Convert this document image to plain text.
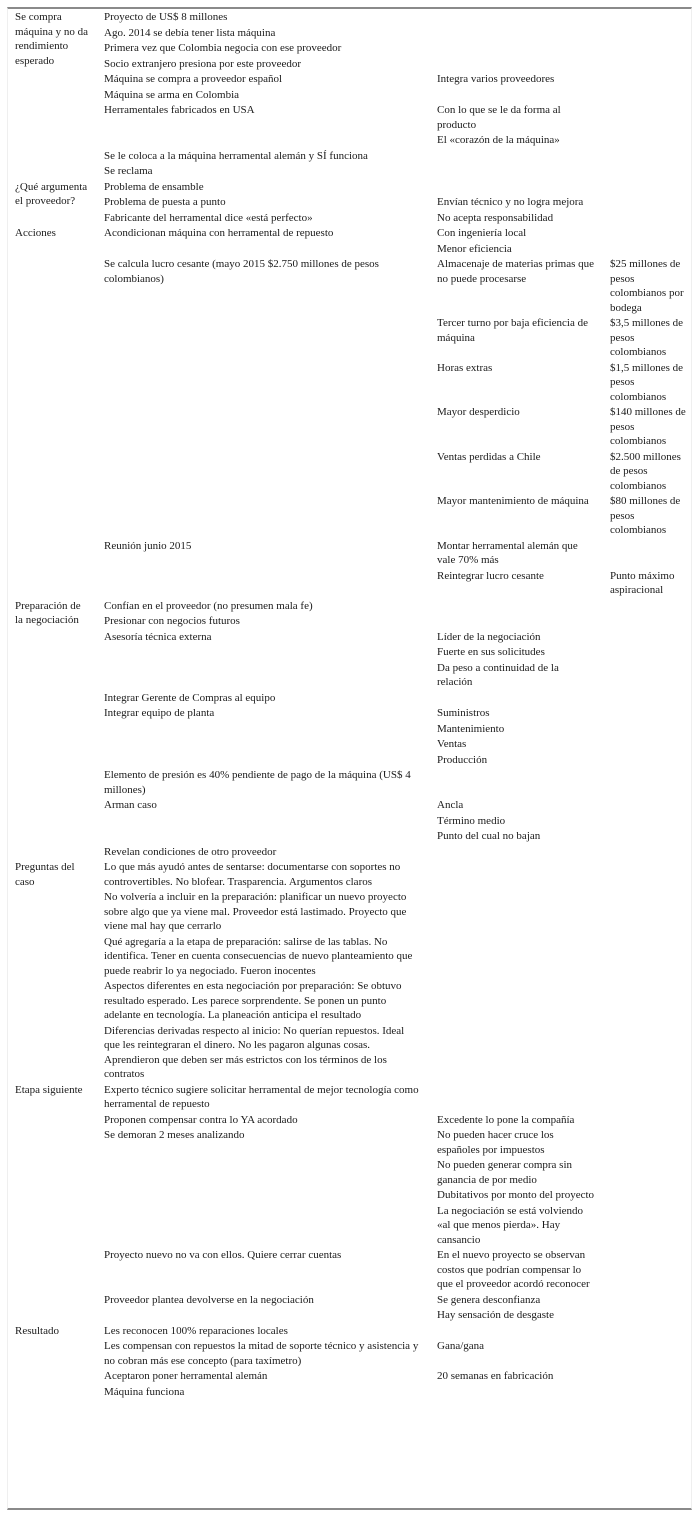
Se compra máquina y no da rendimiento esperado	Proyecto de US$ 8 millones		

	Ago. 2014 se debía tener lista máquina		

	Primera vez que Colombia negocia con ese proveedor		

	Socio extranjero presiona por este proveedor		

	Máquina se compra a proveedor español	Integra varios proveedores	

	Máquina se arma en Colombia		

	Herramentales fabricados en USA	Con lo que se le da forma al producto	

		El «corazón de la máquina»	

	Se le coloca a la máquina herramental alemán y SÍ funciona		

	Se reclama		

¿Qué argumenta el proveedor?	Problema de ensamble		

	Problema de puesta a punto	Envían técnico y no logra mejora	

	Fabricante del herramental dice «está perfecto»	No acepta responsabilidad	

Acciones	Acondicionan máquina con herramental de repuesto	Con ingeniería local	

		Menor eficiencia	

	Se calcula lucro cesante (mayo 2015 $2.750 millones de pesos colombianos)	Almacenaje de materias primas que no puede procesarse	$25 millones de pesos colombianos por bodega

		Tercer turno por baja eficiencia de máquina	$3,5 millones de pesos colombianos

		Horas extras	$1,5 millones de pesos colombianos

		Mayor desperdicio	$140 millones de pesos colombianos

		Ventas perdidas a Chile	$2.500 millones de pesos colombianos

		Mayor mantenimiento de máquina	$80 millones de pesos colombianos

	Reunión junio 2015	Montar herramental alemán que vale 70% más	

		Reintegrar lucro cesante	Punto máximo aspiracional

Preparación de la negociación	Confían en el proveedor (no presumen mala fe)		

	Presionar con negocios futuros		

	Asesoría técnica externa	Líder de la negociación	

		Fuerte en sus solicitudes	

		Da peso a continuidad de la relación	

	Integrar Gerente de Compras al equipo		

	Integrar equipo de planta	Suministros	

		Mantenimiento	

		Ventas	

		Producción	

	Elemento de presión es 40% pendiente de pago de la máquina (US$ 4 millones)		

	Arman caso	Ancla	

		Término medio	

		Punto del cual no bajan	

	Revelan condiciones de otro proveedor		

Preguntas del caso	Lo que más ayudó antes de sentarse: documentarse con soportes no controvertibles. No blofear. Trasparencia. Argumentos claros		

	No volvería a incluir en la preparación: planificar un nuevo proyecto sobre algo que ya viene mal. Proveedor está lastimado. Proyecto que viene mal hay que cerrarlo		

	Qué agregaría a la etapa de preparación: salirse de las tablas. No identifica. Tener en cuenta consecuencias de nuevo planteamiento que puede reabrir lo ya negociado. Fueron inocentes		

	Aspectos diferentes en esta negociación por preparación: Se obtuvo resultado esperado. Les parece sorprendente. Se ponen un punto adelante en tecnología. La planeación anticipa el resultado		

	Diferencias derivadas respecto al inicio: No querían repuestos. Ideal que les reintegraran el dinero. No les pagaron algunas cosas. Aprendieron que deben ser más estrictos con los términos de los contratos		

Etapa siguiente	Experto técnico sugiere solicitar herramental de mejor tecnología como herramental de repuesto		

	Proponen compensar contra lo YA acordado	Excedente lo pone la compañía	

	Se demoran 2 meses analizando	No pueden hacer cruce los españoles por impuestos	

		No pueden generar compra sin ganancia de por medio	

		Dubitativos por monto del proyecto	

		La negociación se está volviendo «al que menos pierda». Hay cansancio	

	Proyecto nuevo no va con ellos. Quiere cerrar cuentas	En el nuevo proyecto se observan costos que podrían compensar lo que el proveedor acordó reconocer	

	Proveedor plantea devolverse en la negociación	Se genera desconfianza	

		Hay sensación de desgaste	

Resultado	Les reconocen 100% reparaciones locales		

	Les compensan con repuestos la mitad de soporte técnico y asistencia y no cobran más ese concepto (para taxímetro)	Gana/gana	

	Aceptaron poner herramental alemán	20 semanas en fabricación	

	Máquina funciona		
